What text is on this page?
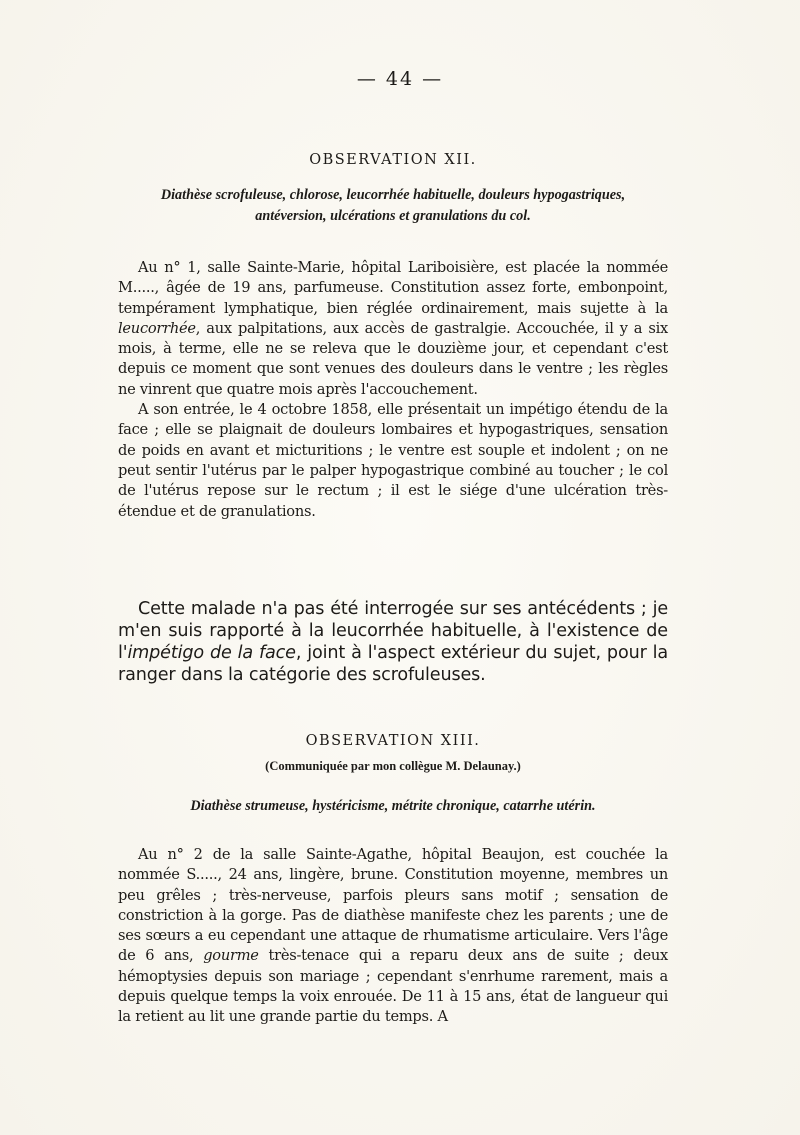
— 44 —

OBSERVATION XII.

Diathèse scrofuleuse, chlorose, leucorrhée habituelle, douleurs hypogastriques,

antéversion, ulcérations et granulations du col.

Au n° 1, salle Sainte-Marie, hôpital Lariboisière, est placée la nommée M....., âgée de 19 ans, parfumeuse. Constitution assez forte, embonpoint, tempérament lymphatique, bien réglée ordinairement, mais sujette à la leucorrhée, aux palpitations, aux accès de gastralgie. Accouchée, il y a six mois, à terme, elle ne se releva que le douzième jour, et cependant c'est depuis ce moment que sont venues des douleurs dans le ventre ; les règles ne vinrent que quatre mois après l'accouchement.

A son entrée, le 4 octobre 1858, elle présentait un impétigo étendu de la face ; elle se plaignait de douleurs lombaires et hypogastriques, sensation de poids en avant et micturitions ; le ventre est souple et indolent ; on ne peut sentir l'utérus par le palper hypogastrique combiné au toucher ; le col de l'utérus repose sur le rectum ; il est le siége d'une ulcération très-étendue et de granulations.

Cette malade n'a pas été interrogée sur ses antécédents ; je m'en suis rapporté à la leucorrhée habituelle, à l'existence de l'impétigo de la face, joint à l'aspect extérieur du sujet, pour la ranger dans la catégorie des scrofuleuses.

OBSERVATION XIII.

(Communiquée par mon collègue M. Delaunay.)

Diathèse strumeuse, hystéricisme, métrite chronique, catarrhe utérin.

Au n° 2 de la salle Sainte-Agathe, hôpital Beaujon, est couchée la nommée S....., 24 ans, lingère, brune. Constitution moyenne, membres un peu grêles ; très-nerveuse, parfois pleurs sans motif ; sensation de constriction à la gorge. Pas de diathèse manifeste chez les parents ; une de ses sœurs a eu cependant une attaque de rhumatisme articulaire. Vers l'âge de 6 ans, gourme très-tenace qui a reparu deux ans de suite ; deux hémoptysies depuis son mariage ; cependant s'enrhume rarement, mais a depuis quelque temps la voix enrouée. De 11 à 15 ans, état de langueur qui la retient au lit une grande partie du temps. A
